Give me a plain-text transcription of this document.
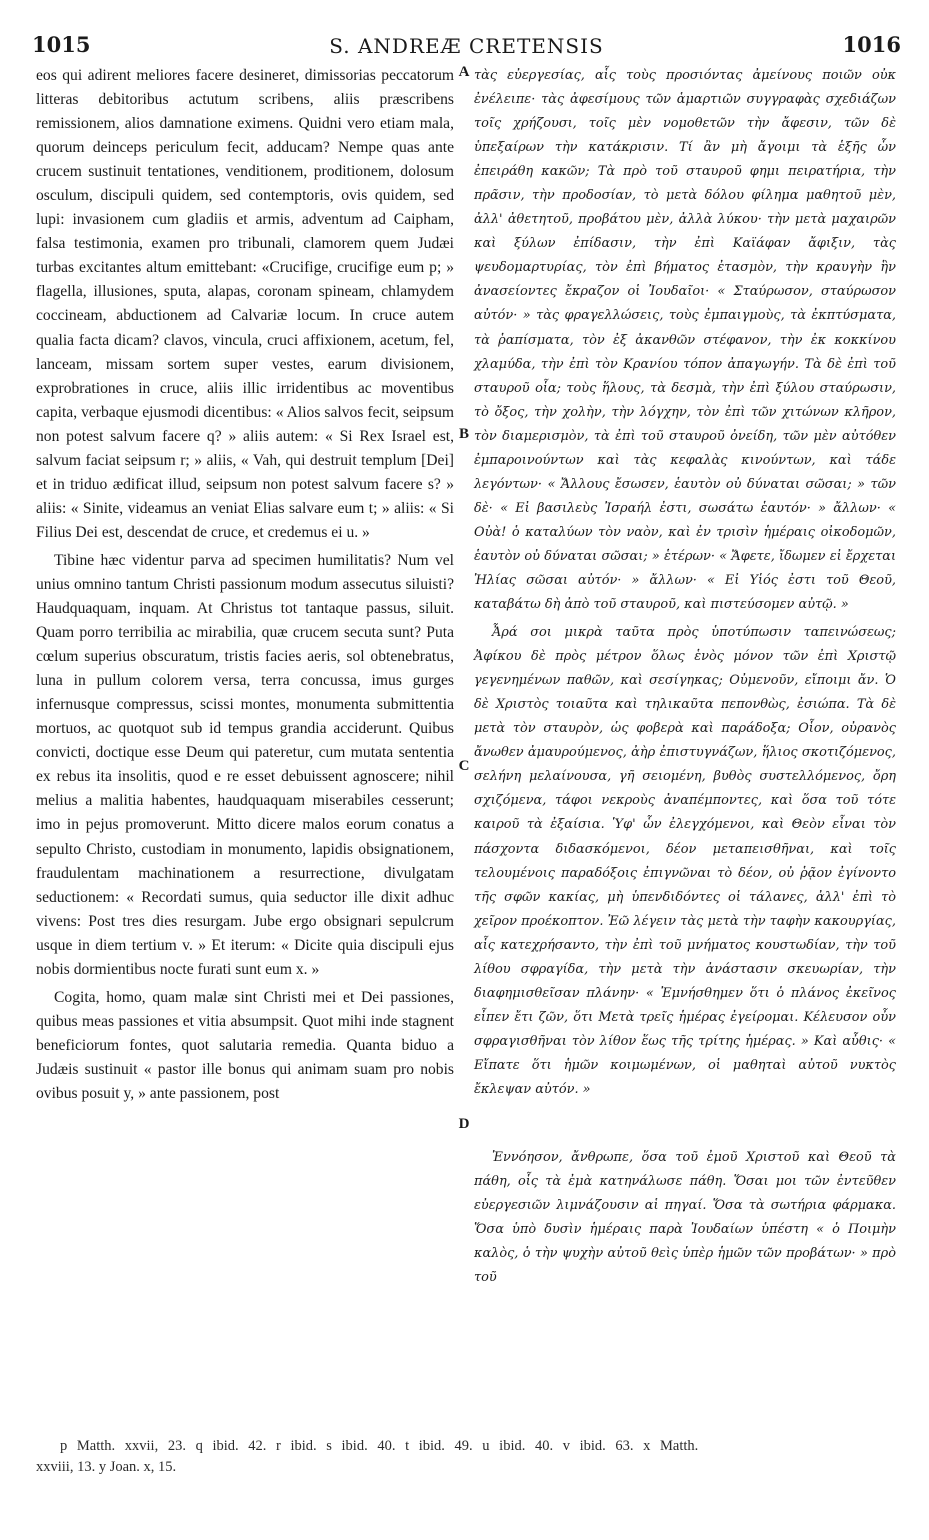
1015	S. ANDREÆ CRETENSIS	1016

eos qui adirent meliores facere desineret, dimissorias peccatorum litteras debitoribus actutum scribens, aliis præscribens remissionem, alios damnatione eximens. Quidni vero etiam mala, quorum deinceps periculum fecit, adducam? Nempe quas ante crucem sustinuit tentationes, venditionem, proditionem, dolosum osculum, discipuli quidem, sed contemptoris, ovis quidem, sed lupi: invasionem cum gladiis et armis, adventum ad Caipham, falsa testimonia, examen pro tribunali, clamorem quem Judæi turbas excitantes altum emittebant: «Crucifige, crucifige eum p; » flagella, illusiones, sputa, alapas, coronam spineam, chlamydem coccineam, abductionem ad Calvariæ locum. In cruce autem qualia facta dicam? clavos, vincula, cruci affixionem, acetum, fel, lanceam, missam sortem super vestes, earum divisionem, exprobrationes in cruce, aliis illic irridentibus ac moventibus capita, verbaque ejusmodi dicentibus: « Alios salvos fecit, seipsum non potest salvum facere q? » aliis autem: « Si Rex Israel est, salvum faciat seipsum r; » aliis, « Vah, qui destruit templum [Dei] et in triduo ædificat illud, seipsum non potest salvum facere s? » aliis: « Sinite, videamus an veniat Elias salvare eum t; » aliis: « Si Filius Dei est, descendat de cruce, et credemus ei u. »

Tibine hæc videntur parva ad specimen humilitatis? Num vel unius omnino tantum Christi passionum modum assecutus siluisti? Haudquaquam, inquam. At Christus tot tantaque passus, siluit. Quam porro terribilia ac mirabilia, quæ crucem secuta sunt? Puta cœlum superius obscuratum, tristis facies aeris, sol obtenebratus, luna in pullum colorem versa, terra concussa, imus gurges infernusque compressus, scissi montes, monumenta submittentia mortuos, ac quotquot sub id tempus grandia acciderunt. Quibus convicti, doctique esse Deum qui pateretur, cum mutata sententia ex rebus ita insolitis, quod e re esset debuissent agnoscere; nihil melius a malitia habentes, haudquaquam miserabiles cesserunt; imo in pejus promoverunt. Mitto dicere malos eorum conatus a sepulto Christo, custodiam in monumento, lapidis obsignationem, fraudulentam machinationem a resurrectione, divulgatam seductionem: « Recordati sumus, quia seductor ille dixit adhuc vivens: Post tres dies resurgam. Jube ergo obsignari sepulcrum usque in diem tertium v. » Et iterum: « Dicite quia discipuli ejus nobis dormientibus nocte furati sunt eum x. »

Cogita, homo, quam malæ sint Christi mei et Dei passiones, quibus meas passiones et vitia absumpsit. Quot mihi inde stagnent beneficiorum fontes, quot salutaria remedia. Quanta biduo a Judæis sustinuit « pastor ille bonus qui animam suam pro nobis ovibus posuit y, » ante passionem, post

A
B
C
D

τὰς εὐεργεσίας, αἷς τοὺς προσιόντας ἀμείνους ποιῶν οὐκ ἐνέλειπε· τὰς ἀφεσίμους τῶν ἁμαρτιῶν συγγραφὰς σχεδιάζων τοῖς χρήζουσι, τοῖς μὲν νομοθετῶν τὴν ἄφεσιν, τῶν δὲ ὑπεξαίρων τὴν κατάκρισιν. Τί ἂν μὴ ἄγοιμι τὰ ἑξῆς ὧν ἐπειράθη κακῶν; Τὰ πρὸ τοῦ σταυροῦ φημι πειρατήρια, τὴν πρᾶσιν, τὴν προδοσίαν, τὸ μετὰ δόλου φίλημα μαθητοῦ μὲν, ἀλλ' ἀθετητοῦ, προβάτου μὲν, ἀλλὰ λύκου· τὴν μετὰ μαχαιρῶν καὶ ξύλων ἐπίδασιν, τὴν ἐπὶ Καϊάφαν ἄφιξιν, τὰς ψευδομαρτυρίας, τὸν ἐπὶ βήματος ἐτασμὸν, τὴν κραυγὴν ἣν ἀνασείοντες ἔκραζον οἱ Ἰουδαῖοι· « Σταύρωσον, σταύρωσον αὐτόν· » τὰς φραγελλώσεις, τοὺς ἐμπαιγμοὺς, τὰ ἐκπτύσματα, τὰ ῥαπίσματα, τὸν ἐξ ἀκανθῶν στέφανον, τὴν ἐκ κοκκίνου χλαμύδα, τὴν ἐπὶ τὸν Κρανίου τόπον ἀπαγωγήν. Τὰ δὲ ἐπὶ τοῦ σταυροῦ οἷα; τοὺς ἥλους, τὰ δεσμὰ, τὴν ἐπὶ ξύλου σταύρωσιν, τὸ ὄξος, τὴν χολὴν, τὴν λόγχην, τὸν ἐπὶ τῶν χιτώνων κλῆρον, τὸν διαμερισμὸν, τὰ ἐπὶ τοῦ σταυροῦ ὀνείδη, τῶν μὲν αὐτόθεν ἐμπαροινούντων καὶ τὰς κεφαλὰς κινούντων, καὶ τάδε λεγόντων· « Ἄλλους ἔσωσεν, ἑαυτὸν οὐ δύναται σῶσαι; » τῶν δὲ· « Εἰ βασιλεὺς Ἰσραήλ ἐστι, σωσάτω ἑαυτόν· » ἄλλων· « Οὐὰ! ὁ καταλύων τὸν ναὸν, καὶ ἐν τρισὶν ἡμέραις οἰκοδομῶν, ἑαυτὸν οὐ δύναται σῶσαι; » ἑτέρων· « Ἄφετε, ἴδωμεν εἰ ἔρχεται Ἠλίας σῶσαι αὐτόν· » ἄλλων· « Εἰ Υἱός ἐστι τοῦ Θεοῦ, καταβάτω δὴ ἀπὸ τοῦ σταυροῦ, καὶ πιστεύσομεν αὐτῷ. »

Ἆρά σοι μικρὰ ταῦτα πρὸς ὑποτύπωσιν ταπεινώσεως; Ἀφίκου δὲ πρὸς μέτρον ὅλως ἑνὸς μόνον τῶν ἐπὶ Χριστῷ γεγενημένων παθῶν, καὶ σεσίγηκας; Οὐμενοῦν, εἴποιμι ἄν. Ὁ δὲ Χριστὸς τοιαῦτα καὶ τηλικαῦτα πεπονθὼς, ἐσιώπα. Τὰ δὲ μετὰ τὸν σταυρὸν, ὡς φοβερὰ καὶ παράδοξα; Οἷον, οὐρανὸς ἄνωθεν ἀμαυρούμενος, ἀὴρ ἐπιστυγνάζων, ἥλιος σκοτιζόμενος, σελήνη μελαίνουσα, γῆ σειομένη, βυθὸς συστελλόμενος, ὄρη σχιζόμενα, τάφοι νεκροὺς ἀναπέμποντες, καὶ ὅσα τοῦ τότε καιροῦ τὰ ἐξαίσια. Ὑφ' ὧν ἐλεγχόμενοι, καὶ Θεὸν εἶναι τὸν πάσχοντα διδασκόμενοι, δέον μεταπεισθῆναι, καὶ τοῖς τελουμένοις παραδόξοις ἐπιγνῶναι τὸ δέον, οὐ ῥᾷον ἐγίνοντο τῆς σφῶν κακίας, μὴ ὑπενδιδόντες οἱ τάλανες, ἀλλ' ἐπὶ τὸ χεῖρον προέκοπτον. Ἐῶ λέγειν τὰς μετὰ τὴν ταφὴν κακουργίας, αἷς κατεχρήσαντο, τὴν ἐπὶ τοῦ μνήματος κουστωδίαν, τὴν τοῦ λίθου σφραγίδα, τὴν μετὰ τὴν ἀνάστασιν σκευωρίαν, τὴν διαφημισθεῖσαν πλάνην· « Ἐμνήσθημεν ὅτι ὁ πλάνος ἐκεῖνος εἶπεν ἔτι ζῶν, ὅτι Μετὰ τρεῖς ἡμέρας ἐγείρομαι. Κέλευσον οὖν σφραγισθῆναι τὸν λίθον ἕως τῆς τρίτης ἡμέρας. » Καὶ αὖθις· « Εἴπατε ὅτι ἡμῶν κοιμωμένων, οἱ μαθηταὶ αὐτοῦ νυκτὸς ἔκλεψαν αὐτόν. »

Ἐννόησον, ἄνθρωπε, ὅσα τοῦ ἐμοῦ Χριστοῦ καὶ Θεοῦ τὰ πάθη, οἷς τὰ ἐμὰ κατηνάλωσε πάθη. Ὅσαι μοι τῶν ἐντεῦθεν εὐεργεσιῶν λιμνάζουσιν αἱ πηγαί. Ὅσα τὰ σωτήρια φάρμακα. Ὅσα ὑπὸ δυσὶν ἡμέραις παρὰ Ἰουδαίων ὑπέστη « ὁ Ποιμὴν καλὸς, ὁ τὴν ψυχὴν αὐτοῦ θεὶς ὑπὲρ ἡμῶν τῶν προβάτων· » πρὸ τοῦ

p Matth. xxvii, 23. q ibid. 42. r ibid. s ibid. 40. t ibid. 49. u ibid. 40. v ibid. 63. x Matth.
xxviii, 13. y Joan. x, 15.
